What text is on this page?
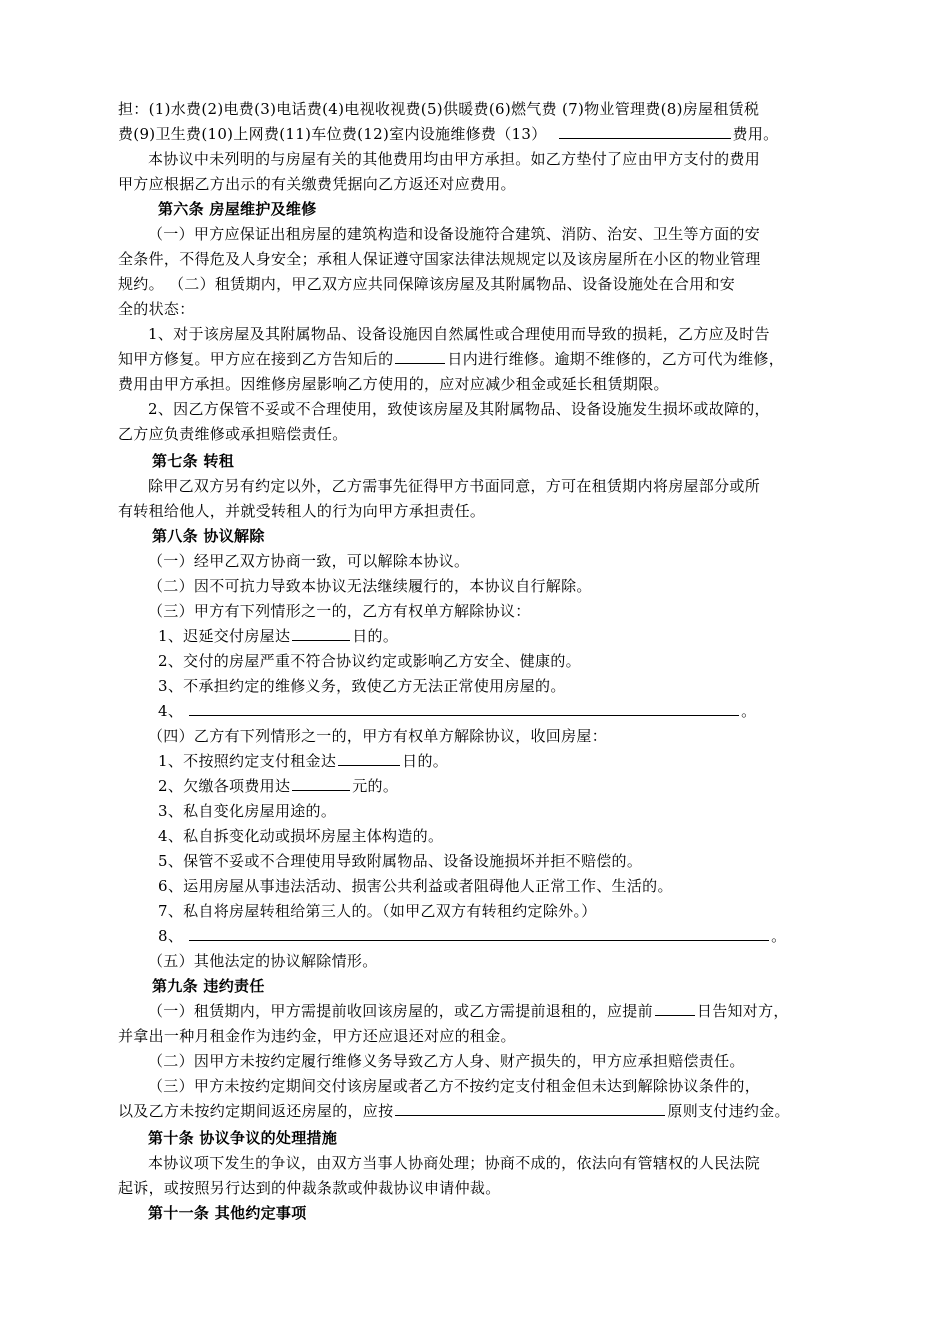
担：(1)水费(2)电费(3)电话费(4)电视收视费(5)供暖费(6)燃气费 (7)物业管理费(8)房屋租赁税
费(9)卫生费(10)上网费(11)车位费(12)室内设施维修费（13）	费用。
本协议中未列明的与房屋有关的其他费用均由甲方承担。如乙方垫付了应由甲方支付的费用
甲方应根据乙方出示的有关缴费凭据向乙方返还对应费用。
第六条 房屋维护及维修
（一）甲方应保证出租房屋的建筑构造和设备设施符合建筑、消防、治安、卫生等方面的安
全条件，不得危及人身安全；承租人保证遵守国家法律法规规定以及该房屋所在小区的物业管理
规约。 （二）租赁期内，甲乙双方应共同保障该房屋及其附属物品、设备设施处在合用和安
全的状态：
1、对于该房屋及其附属物品、设备设施因自然属性或合理使用而导致的损耗，乙方应及时告
知甲方修复。甲方应在接到乙方告知后的	日内进行维修。逾期不维修的，乙方可代为维修，
费用由甲方承担。因维修房屋影响乙方使用的，应对应减少租金或延长租赁期限。
2、因乙方保管不妥或不合理使用，致使该房屋及其附属物品、设备设施发生损坏或故障的，
乙方应负责维修或承担赔偿责任。
第七条 转租
除甲乙双方另有约定以外，乙方需事先征得甲方书面同意，方可在租赁期内将房屋部分或所
有转租给他人，并就受转租人的行为向甲方承担责任。
第八条 协议解除
（一）经甲乙双方协商一致，可以解除本协议。
（二）因不可抗力导致本协议无法继续履行的，本协议自行解除。
（三）甲方有下列情形之一的，乙方有权单方解除协议：
1、迟延交付房屋达	日的。
2、交付的房屋严重不符合协议约定或影响乙方安全、健康的。
3、不承担约定的维修义务，致使乙方无法正常使用房屋的。
4、	。
（四）乙方有下列情形之一的，甲方有权单方解除协议，收回房屋：
1、不按照约定支付租金达	日的。
2、欠缴各项费用达	元的。
3、私自变化房屋用途的。
4、私自拆变化动或损坏房屋主体构造的。
5、保管不妥或不合理使用导致附属物品、设备设施损坏并拒不赔偿的。
6、运用房屋从事违法活动、损害公共利益或者阻碍他人正常工作、生活的。
7、私自将房屋转租给第三人的。（如甲乙双方有转租约定除外。）
8、	。
（五）其他法定的协议解除情形。
第九条 违约责任
（一）租赁期内，甲方需提前收回该房屋的，或乙方需提前退租的，应提前	日告知对方，
并拿出一种月租金作为违约金，甲方还应退还对应的租金。
（二）因甲方未按约定履行维修义务导致乙方人身、财产损失的，甲方应承担赔偿责任。
（三）甲方未按约定期间交付该房屋或者乙方不按约定支付租金但未达到解除协议条件的，
以及乙方未按约定期间返还房屋的，应按	原则支付违约金。
第十条 协议争议的处理措施
本协议项下发生的争议，由双方当事人协商处理；协商不成的，依法向有管辖权的人民法院
起诉，或按照另行达到的仲裁条款或仲裁协议申请仲裁。
第十一条 其他约定事项
